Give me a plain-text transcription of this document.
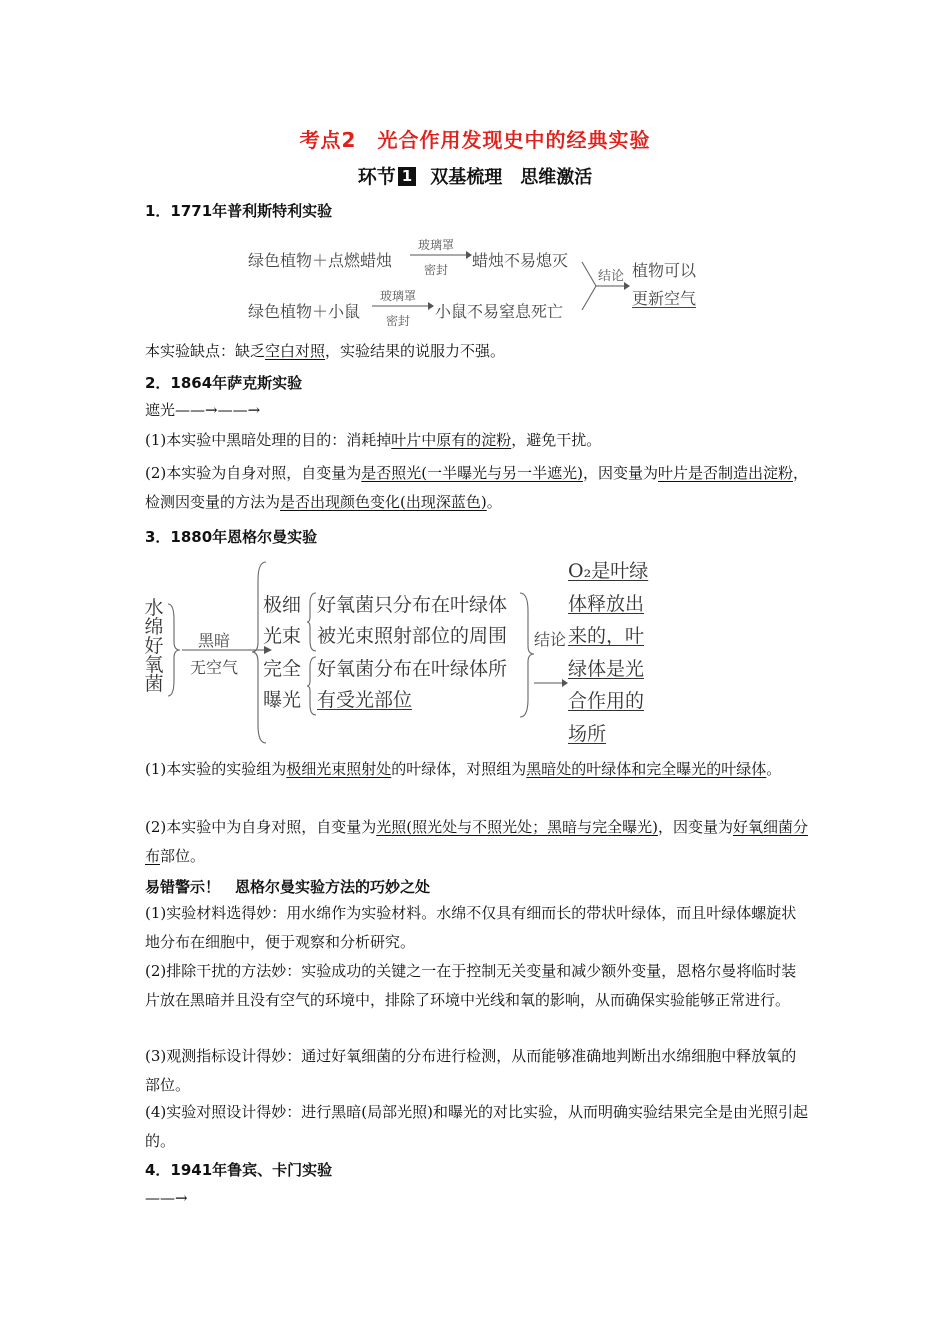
考点2　光合作用发现史中的经典实验
环节 1 双基梳理　思维激活
1．1771年普利斯特利实验
绿色植物＋点燃蜡烛
玻璃罩
密封 蜡烛不易熄灭
绿色植物＋小鼠
玻璃罩
密封 小鼠不易窒息死亡
结论 植物可以
更新空气
本实验缺点：缺乏空白对照，实验结果的说服力不强。
2．1864年萨克斯实验
遮光——→——→
(1)本实验中黑暗处理的目的：消耗掉叶片中原有的淀粉，避免干扰。
(2)本实验为自身对照，自变量为是否照光(一半曝光与另一半遮光)，因变量为叶片是否制造出淀粉，检测因变量的方法为是否出现颜色变化(出现深蓝色)。
3．1880年恩格尔曼实验
水
绵
好
氧
菌
黑暗
无空气
极细
光束
好氧菌只分布在叶绿体
被光束照射部位的周围
完全
曝光
好氧菌分布在叶绿体所
有受光部位
结论
O₂是叶绿
体释放出
来的，叶
绿体是光
合作用的
场所
(1)本实验的实验组为极细光束照射处的叶绿体，对照组为黑暗处的叶绿体和完全曝光的叶绿体。
(2)本实验中为自身对照，自变量为光照(照光处与不照光处；黑暗与完全曝光)，因变量为好氧细菌分布部位。
易错警示！　恩格尔曼实验方法的巧妙之处
(1)实验材料选得妙：用水绵作为实验材料。水绵不仅具有细而长的带状叶绿体，而且叶绿体螺旋状地分布在细胞中，便于观察和分析研究。
(2)排除干扰的方法妙：实验成功的关键之一在于控制无关变量和减少额外变量，恩格尔曼将临时装片放在黑暗并且没有空气的环境中，排除了环境中光线和氧的影响，从而确保实验能够正常进行。
(3)观测指标设计得妙：通过好氧细菌的分布进行检测，从而能够准确地判断出水绵细胞中释放氧的部位。
(4)实验对照设计得妙：进行黑暗(局部光照)和曝光的对比实验，从而明确实验结果完全是由光照引起的。
4．1941年鲁宾、卡门实验
——→
